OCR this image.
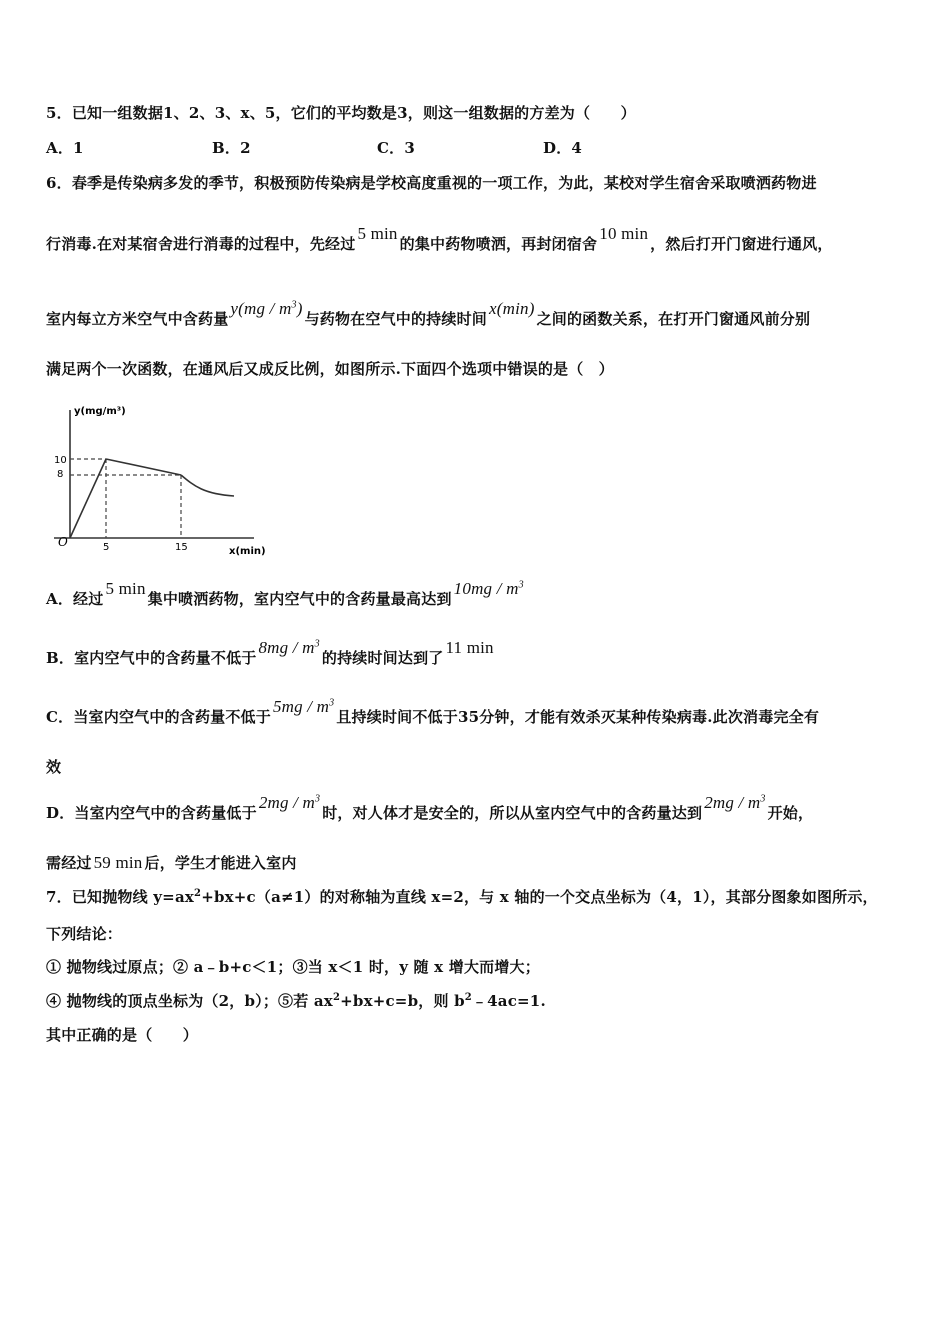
5．已知一组数据1、2、3、x、5，它们的平均数是3，则这一组数据的方差为（　　）
A．1	B．2	C．3	D．4
6．春季是传染病多发的季节，积极预防传染病是学校高度重视的一项工作，为此，某校对学生宿舍采取喷洒药物进
行消毒.在对某宿舍进行消毒的过程中，先经过5 min的集中药物喷洒，再封闭宿舍10 min，然后打开门窗进行通风，
室内每立方米空气中含药量$y(mg / m^3)$与药物在空气中的持续时间x(min)之间的函数关系，在打开门窗通风前分别
满足两个一次函数，在通风后又成反比例，如图所示.下面四个选项中错误的是（　）
y(mg/m³)
x(min)
O
10
8
5	15
A．经过5 min集中喷洒药物，室内空气中的含药量最高达到$10mg / m^3$
B．室内空气中的含药量不低于$8mg / m^3$的持续时间达到了11 min
C．当室内空气中的含药量不低于$5mg / m^3$且持续时间不低于35分钟，才能有效杀灭某种传染病毒.此次消毒完全有
效
D．当室内空气中的含药量低于$2mg / m^3$时，对人体才是安全的，所以从室内空气中的含药量达到$2mg / m^3$开始，
需经过 59 min 后，学生才能进入室内
7．已知抛物线 $y=ax^2+bx+c(a\ne 1)$的对称轴为直线 x=2，与 x 轴的一个交点坐标为（4，1），其部分图象如图所示，
下列结论：
① 抛物线过原点；② a﹣b+c＜1；③当 x＜1 时，y 随 x 增大而增大；
④ 抛物线的顶点坐标为（2，b）；⑤若 $ax^2+bx+c=b$，则 $b^2﹣4ac=1$.
其中正确的是（　　）
